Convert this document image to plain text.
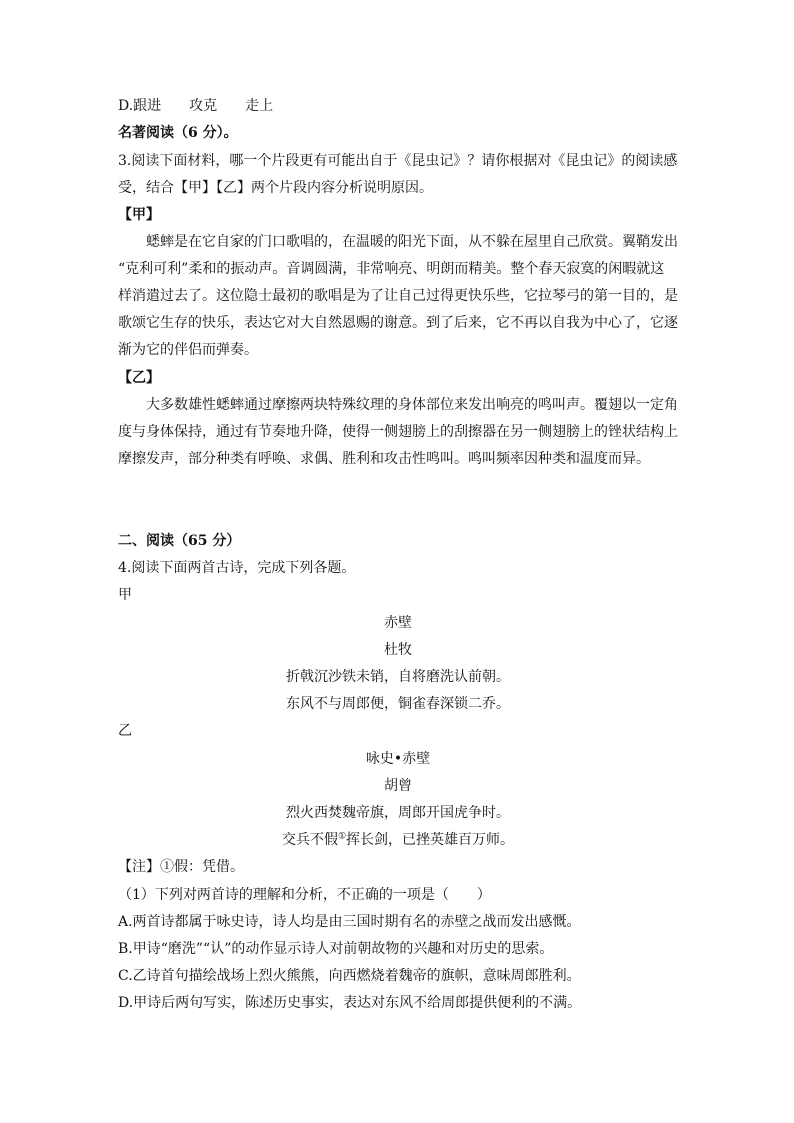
D.跟进　　攻克　　走上
名著阅读（6 分）。
3.阅读下面材料，哪一个片段更有可能出自于《昆虫记》？请你根据对《昆虫记》的阅读感
受，结合【甲】【乙】两个片段内容分析说明原因。
【甲】
蟋蟀是在它自家的门口歌唱的，在温暖的阳光下面，从不躲在屋里自己欣赏。翼鞘发出
“克利可利”柔和的振动声。音调圆满，非常响亮、明朗而精美。整个春天寂寞的闲暇就这
样消遣过去了。这位隐士最初的歌唱是为了让自己过得更快乐些，它拉琴弓的第一目的，是
歌颂它生存的快乐，表达它对大自然恩赐的谢意。到了后来，它不再以自我为中心了，它逐
渐为它的伴侣而弹奏。
【乙】
大多数雄性蟋蟀通过摩擦两块特殊纹理的身体部位来发出响亮的鸣叫声。覆翅以一定角
度与身体保持，通过有节奏地升降，使得一侧翅膀上的刮擦器在另一侧翅膀上的锉状结构上
摩擦发声，部分种类有呼唤、求偶、胜利和攻击性鸣叫。鸣叫频率因种类和温度而异。
二、阅读（65 分）
4.阅读下面两首古诗，完成下列各题。
甲
赤壁
杜牧
折戟沉沙铁未销，自将磨洗认前朝。
东风不与周郎便，铜雀春深锁二乔。
乙
咏史•赤壁
胡曾
烈火西焚魏帝旗，周郎开国虎争时。
交兵不假①挥长剑，已挫英雄百万师。
【注】①假：凭借。
（1）下列对两首诗的理解和分析，不正确的一项是（　　）
A.两首诗都属于咏史诗，诗人均是由三国时期有名的赤壁之战而发出感慨。
B.甲诗“磨洗”“认”的动作显示诗人对前朝故物的兴趣和对历史的思索。
C.乙诗首句描绘战场上烈火熊熊，向西燃烧着魏帝的旗帜，意味周郎胜利。
D.甲诗后两句写实，陈述历史事实，表达对东风不给周郎提供便利的不满。
